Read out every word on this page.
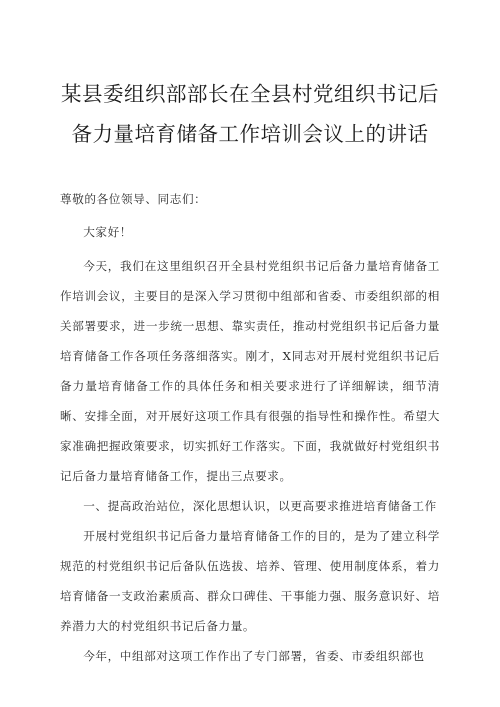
某县委组织部部长在全县村党组织书记后备力量培育储备工作培训会议上的讲话

尊敬的各位领导、同志们：

大家好！

今天，我们在这里组织召开全县村党组织书记后备力量培育储备工作培训会议，主要目的是深入学习贯彻中组部和省委、市委组织部的相关部署要求，进一步统一思想、靠实责任，推动村党组织书记后备力量培育储备工作各项任务落细落实。刚才，X同志对开展村党组织书记后备力量培育储备工作的具体任务和相关要求进行了详细解读，细节清晰、安排全面，对开展好这项工作具有很强的指导性和操作性。希望大家准确把握政策要求，切实抓好工作落实。下面，我就做好村党组织书记后备力量培育储备工作，提出三点要求。

一、提高政治站位，深化思想认识，以更高要求推进培育储备工作

开展村党组织书记后备力量培育储备工作的目的，是为了建立科学规范的村党组织书记后备队伍选拔、培养、管理、使用制度体系，着力培育储备一支政治素质高、群众口碑佳、干事能力强、服务意识好、培养潜力大的村党组织书记后备力量。

今年，中组部对这项工作作出了专门部署，省委、市委组织部也
